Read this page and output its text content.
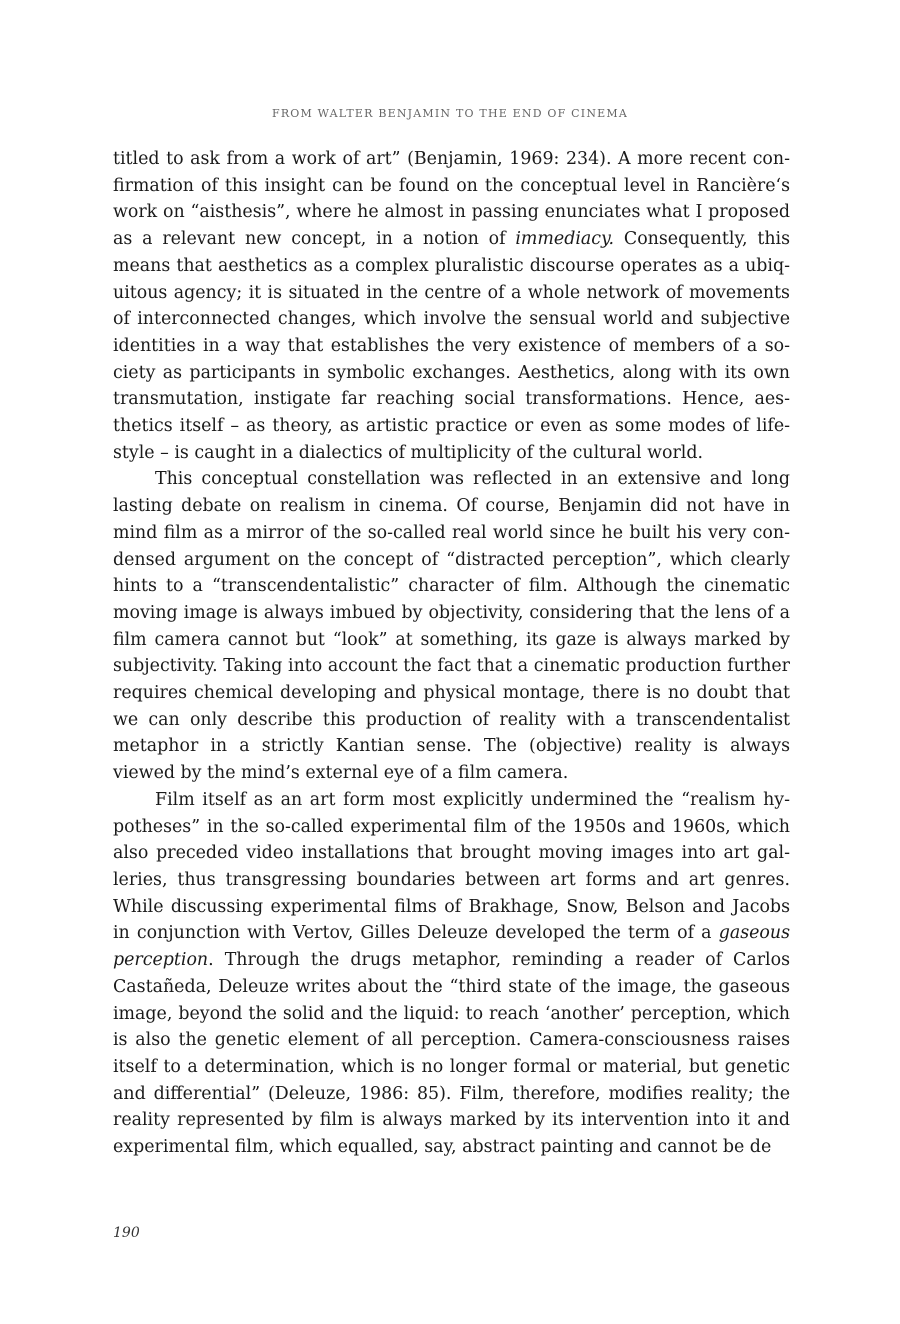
FROM WALTER BENJAMIN TO THE END OF CINEMA

titled to ask from a work of art” (Benjamin, 1969: 234). A more recent confirmation of this insight can be found on the conceptual level in Rancière‘s work on “aisthesis”, where he almost in passing enunciates what I proposed as a relevant new concept, in a notion of immediacy. Consequently, this means that aesthetics as a complex pluralistic discourse operates as a ubiquitous agency; it is situated in the centre of a whole network of movements of interconnected changes, which involve the sensual world and subjective identities in a way that establishes the very existence of members of a society as participants in symbolic exchanges. Aesthetics, along with its own transmutation, instigate far reaching social transformations. Hence, aesthetics itself – as theory, as artistic practice or even as some modes of lifestyle – is caught in a dialectics of multiplicity of the cultural world.

This conceptual constellation was reflected in an extensive and long lasting debate on realism in cinema. Of course, Benjamin did not have in mind film as a mirror of the so-called real world since he built his very condensed argument on the concept of “distracted perception”, which clearly hints to a “transcendentalistic” character of film. Although the cinematic moving image is always imbued by objectivity, considering that the lens of a film camera cannot but “look” at something, its gaze is always marked by subjectivity. Taking into account the fact that a cinematic production further requires chemical developing and physical montage, there is no doubt that we can only describe this production of reality with a transcendentalist metaphor in a strictly Kantian sense. The (objective) reality is always viewed by the mind’s external eye of a film camera.

Film itself as an art form most explicitly undermined the “realism hypotheses” in the so-called experimental film of the 1950s and 1960s, which also preceded video installations that brought moving images into art galleries, thus transgressing boundaries between art forms and art genres. While discussing experimental films of Brakhage, Snow, Belson and Jacobs in conjunction with Vertov, Gilles Deleuze developed the term of a gaseous perception. Through the drugs metaphor, reminding a reader of Carlos Castañeda, Deleuze writes about the “third state of the image, the gaseous image, beyond the solid and the liquid: to reach ‘another’ perception, which is also the genetic element of all perception. Camera-consciousness raises itself to a determination, which is no longer formal or material, but genetic and differential” (Deleuze, 1986: 85). Film, therefore, modifies reality; the reality represented by film is always marked by its intervention into it and experimental film, which equalled, say, abstract painting and cannot be de

190
